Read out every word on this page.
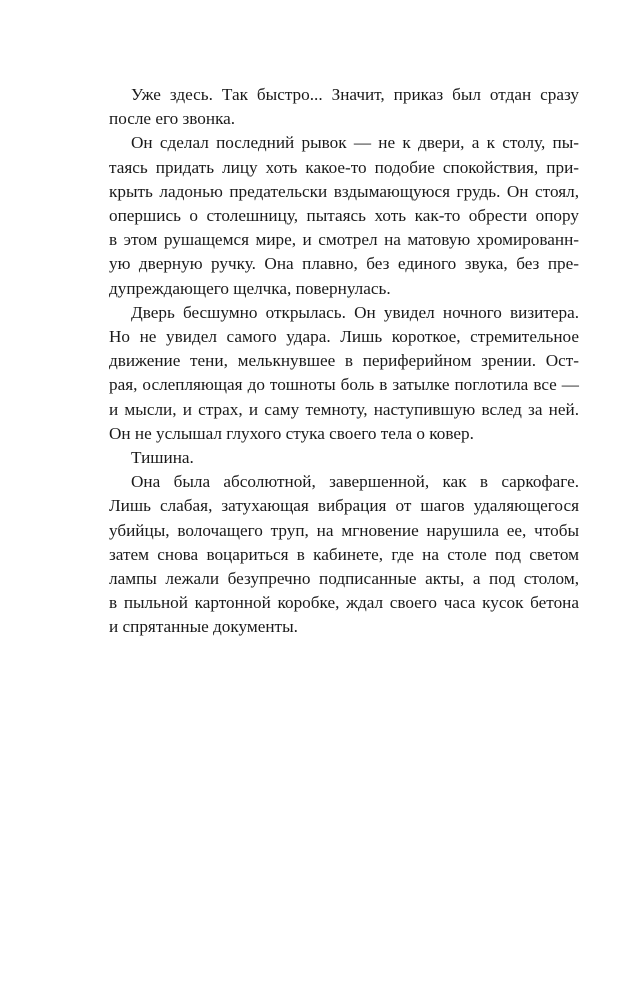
Уже здесь. Так быстро... Значит, приказ был отдан сразу
после его звонка.
Он сделал последний рывок — не к двери, а к столу, пы-
таясь придать лицу хоть какое-то подобие спокойствия, при-
крыть ладонью предательски вздымающуюся грудь. Он стоял,
опершись о столешницу, пытаясь хоть как-то обрести опору
в этом рушащемся мире, и смотрел на матовую хромированн-
ую дверную ручку. Она плавно, без единого звука, без пре-
дупреждающего щелчка, повернулась.
Дверь бесшумно открылась. Он увидел ночного визитера.
Но не увидел самого удара. Лишь короткое, стремительное
движение тени, мелькнувшее в периферийном зрении. Ост-
рая, ослепляющая до тошноты боль в затылке поглотила все —
и мысли, и страх, и саму темноту, наступившую вслед за ней.
Он не услышал глухого стука своего тела о ковер.
Тишина.
Она была абсолютной, завершенной, как в саркофаге.
Лишь слабая, затухающая вибрация от шагов удаляющегося
убийцы, волочащего труп, на мгновение нарушила ее, чтобы
затем снова воцариться в кабинете, где на столе под светом
лампы лежали безупречно подписанные акты, а под столом,
в пыльной картонной коробке, ждал своего часа кусок бетона
и спрятанные документы.
